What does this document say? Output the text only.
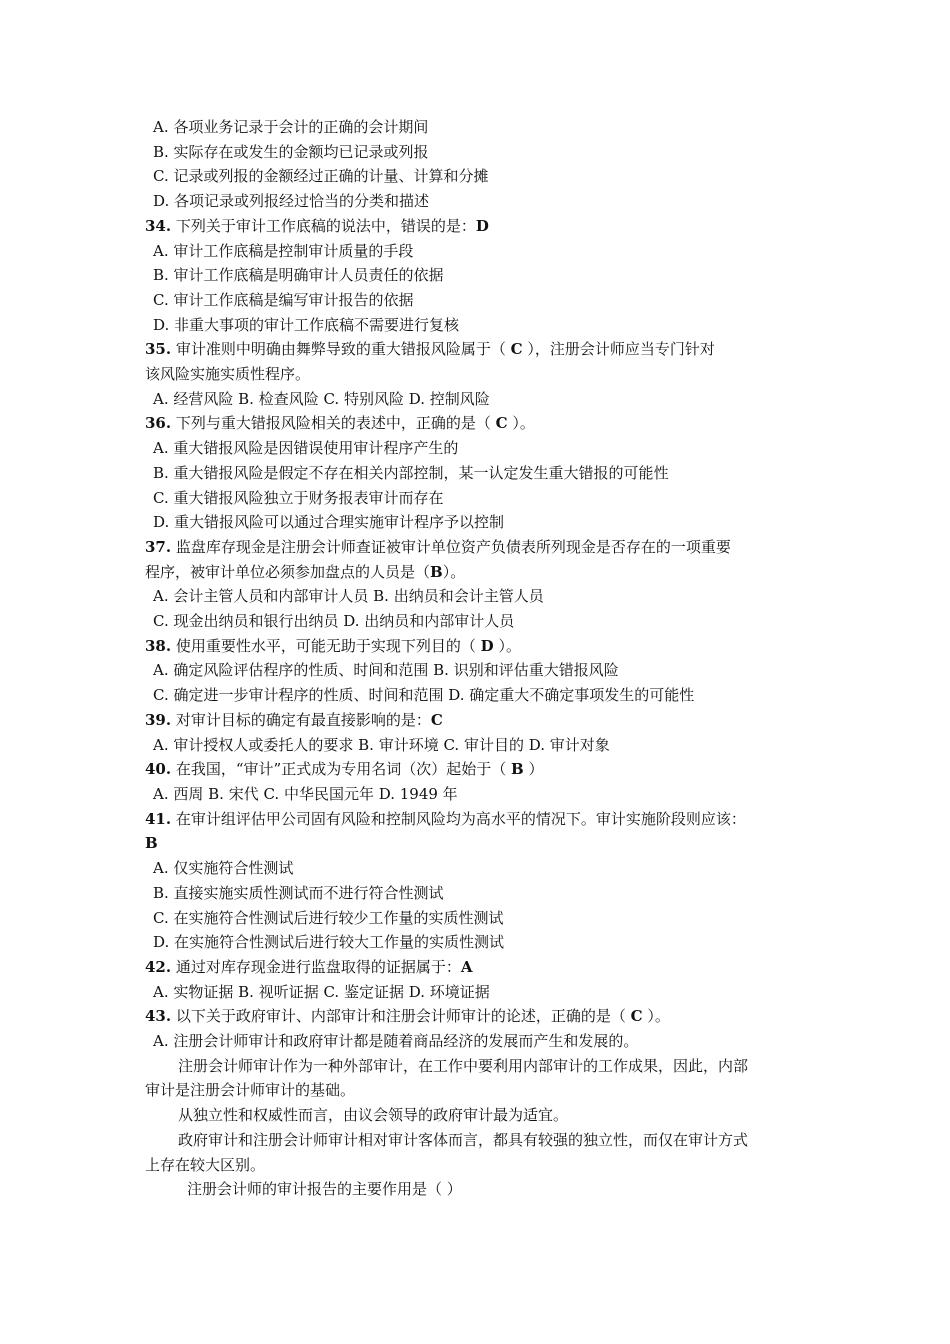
A. 各项业务记录于会计的正确的会计期间
B. 实际存在或发生的金额均已记录或列报
C. 记录或列报的金额经过正确的计量、计算和分摊
D. 各项记录或列报经过恰当的分类和描述
34. 下列关于审计工作底稿的说法中，错误的是：D
A. 审计工作底稿是控制审计质量的手段
B. 审计工作底稿是明确审计人员责任的依据
C. 审计工作底稿是编写审计报告的依据
D. 非重大事项的审计工作底稿不需要进行复核
35. 审计准则中明确由舞弊导致的重大错报风险属于（ C ），注册会计师应当专门针对
该风险实施实质性程序。
A. 经营风险 B. 检查风险 C. 特别风险 D. 控制风险
36. 下列与重大错报风险相关的表述中，正确的是（ C ）。
A. 重大错报风险是因错误使用审计程序产生的
B. 重大错报风险是假定不存在相关内部控制，某一认定发生重大错报的可能性
C. 重大错报风险独立于财务报表审计而存在
D. 重大错报风险可以通过合理实施审计程序予以控制
37. 监盘库存现金是注册会计师查证被审计单位资产负债表所列现金是否存在的一项重要
程序，被审计单位必须参加盘点的人员是（B）。
A. 会计主管人员和内部审计人员 B. 出纳员和会计主管人员
C. 现金出纳员和银行出纳员 D. 出纳员和内部审计人员
38. 使用重要性水平，可能无助于实现下列目的（ D ）。
A. 确定风险评估程序的性质、时间和范围 B. 识别和评估重大错报风险
C. 确定进一步审计程序的性质、时间和范围 D. 确定重大不确定事项发生的可能性
39. 对审计目标的确定有最直接影响的是：C
A. 审计授权人或委托人的要求 B. 审计环境 C. 审计目的 D. 审计对象
40. 在我国，“审计”正式成为专用名词（次）起始于（ B ）
A. 西周 B. 宋代 C. 中华民国元年 D. 1949 年
41. 在审计组评估甲公司固有风险和控制风险均为高水平的情况下。审计实施阶段则应该：
B
A. 仅实施符合性测试
B. 直接实施实质性测试而不进行符合性测试
C. 在实施符合性测试后进行较少工作量的实质性测试
D. 在实施符合性测试后进行较大工作量的实质性测试
42. 通过对库存现金进行监盘取得的证据属于：A
A. 实物证据 B. 视听证据 C. 鉴定证据 D. 环境证据
43. 以下关于政府审计、内部审计和注册会计师审计的论述，正确的是（ C ）。
A. 注册会计师审计和政府审计都是随着商品经济的发展而产生和发展的。
注册会计师审计作为一种外部审计，在工作中要利用内部审计的工作成果，因此，内部
审计是注册会计师审计的基础。
从独立性和权威性而言，由议会领导的政府审计最为适宜。
政府审计和注册会计师审计相对审计客体而言，都具有较强的独立性，而仅在审计方式
上存在较大区别。
注册会计师的审计报告的主要作用是（ ）
